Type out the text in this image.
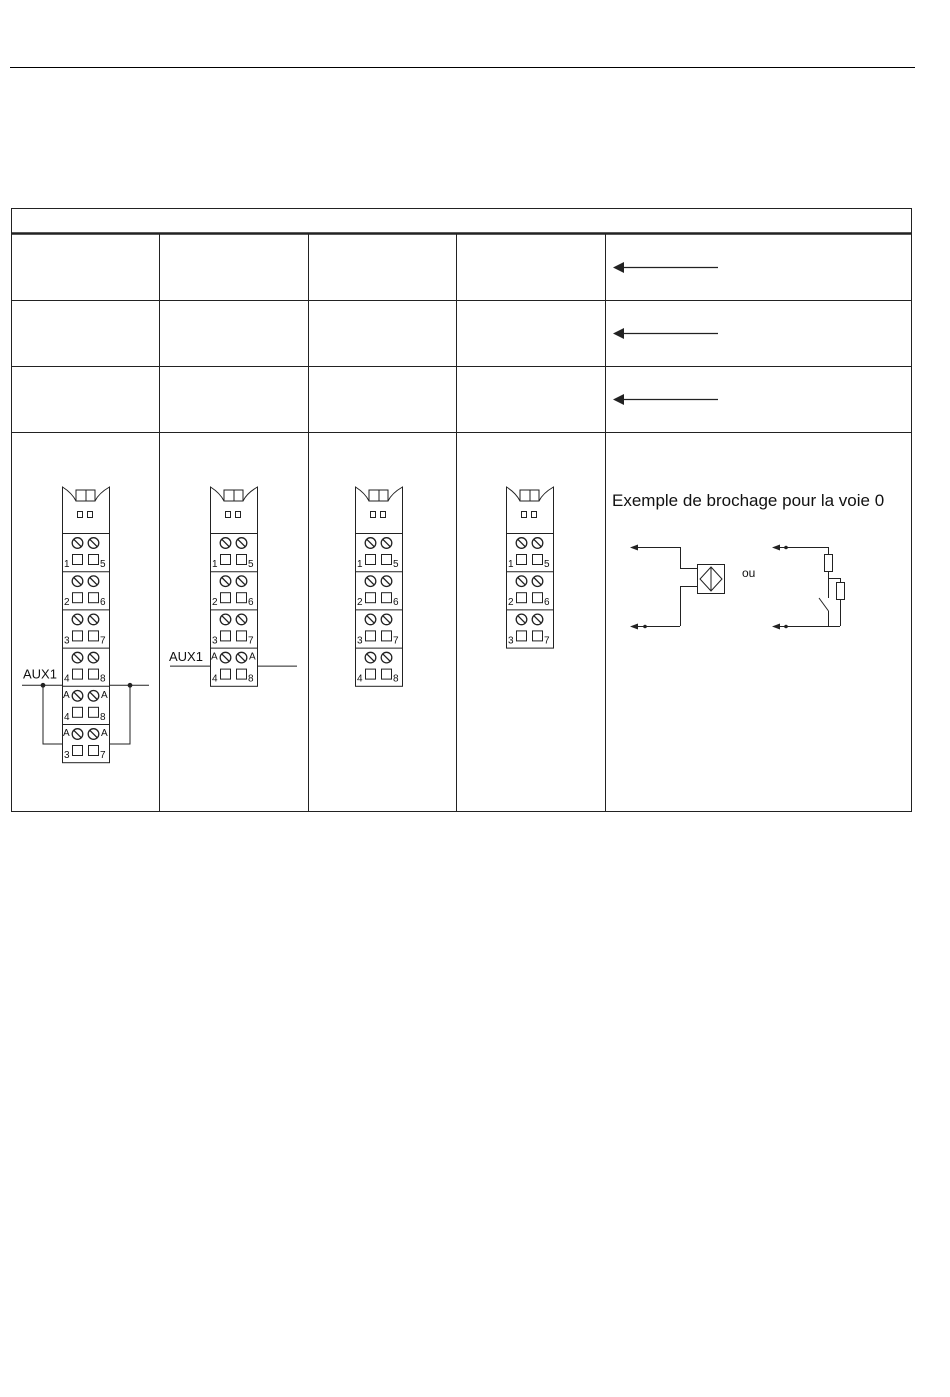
1	5
2	6
3	7
4	8
4	8
A	A
3	7
A	A
AUX1
1	5
2	6
3	7
4	8
A	A
AUX1
1	5
2	6
3	7
4	8
1	5
2	6
3	7
Exemple de brochage pour la voie 0
ou
